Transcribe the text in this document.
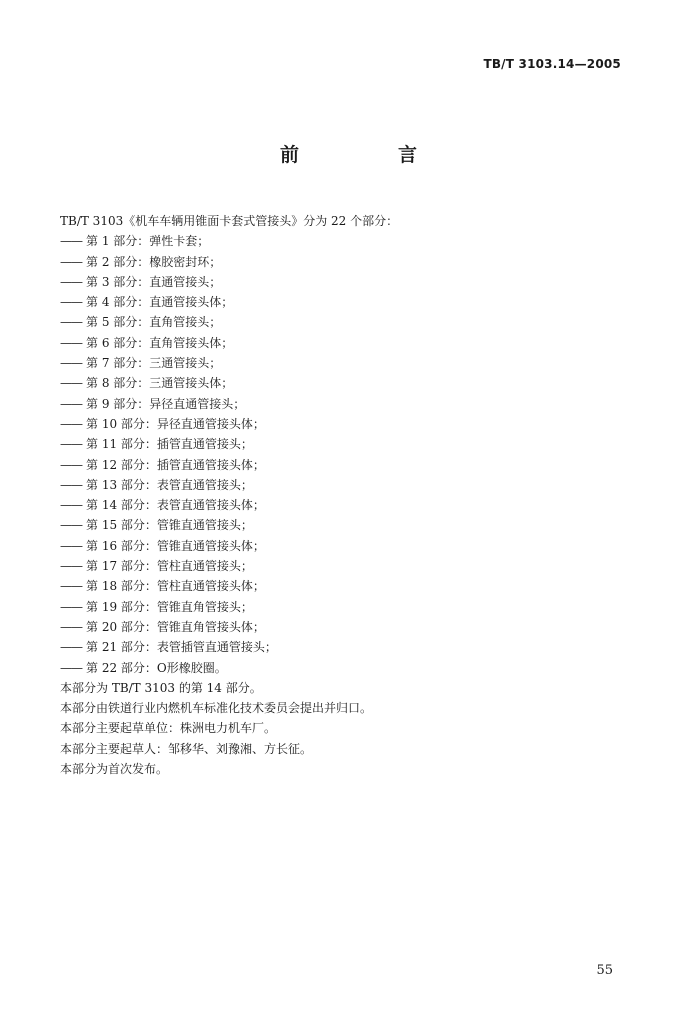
TB/T 3103.14—2005
前　言
TB/T 3103《机车车辆用锥面卡套式管接头》分为 22 个部分：
—— 第 1 部分：弹性卡套；
—— 第 2 部分：橡胶密封环；
—— 第 3 部分：直通管接头；
—— 第 4 部分：直通管接头体；
—— 第 5 部分：直角管接头；
—— 第 6 部分：直角管接头体；
—— 第 7 部分：三通管接头；
—— 第 8 部分：三通管接头体；
—— 第 9 部分：异径直通管接头；
—— 第 10 部分：异径直通管接头体；
—— 第 11 部分：插管直通管接头；
—— 第 12 部分：插管直通管接头体；
—— 第 13 部分：表管直通管接头；
—— 第 14 部分：表管直通管接头体；
—— 第 15 部分：管锥直通管接头；
—— 第 16 部分：管锥直通管接头体；
—— 第 17 部分：管柱直通管接头；
—— 第 18 部分：管柱直通管接头体；
—— 第 19 部分：管锥直角管接头；
—— 第 20 部分：管锥直角管接头体；
—— 第 21 部分：表管插管直通管接头；
—— 第 22 部分：O形橡胶圈。
本部分为 TB/T 3103 的第 14 部分。
本部分由铁道行业内燃机车标准化技术委员会提出并归口。
本部分主要起草单位：株洲电力机车厂。
本部分主要起草人：邹移华、刘豫湘、方长征。
本部分为首次发布。
55
